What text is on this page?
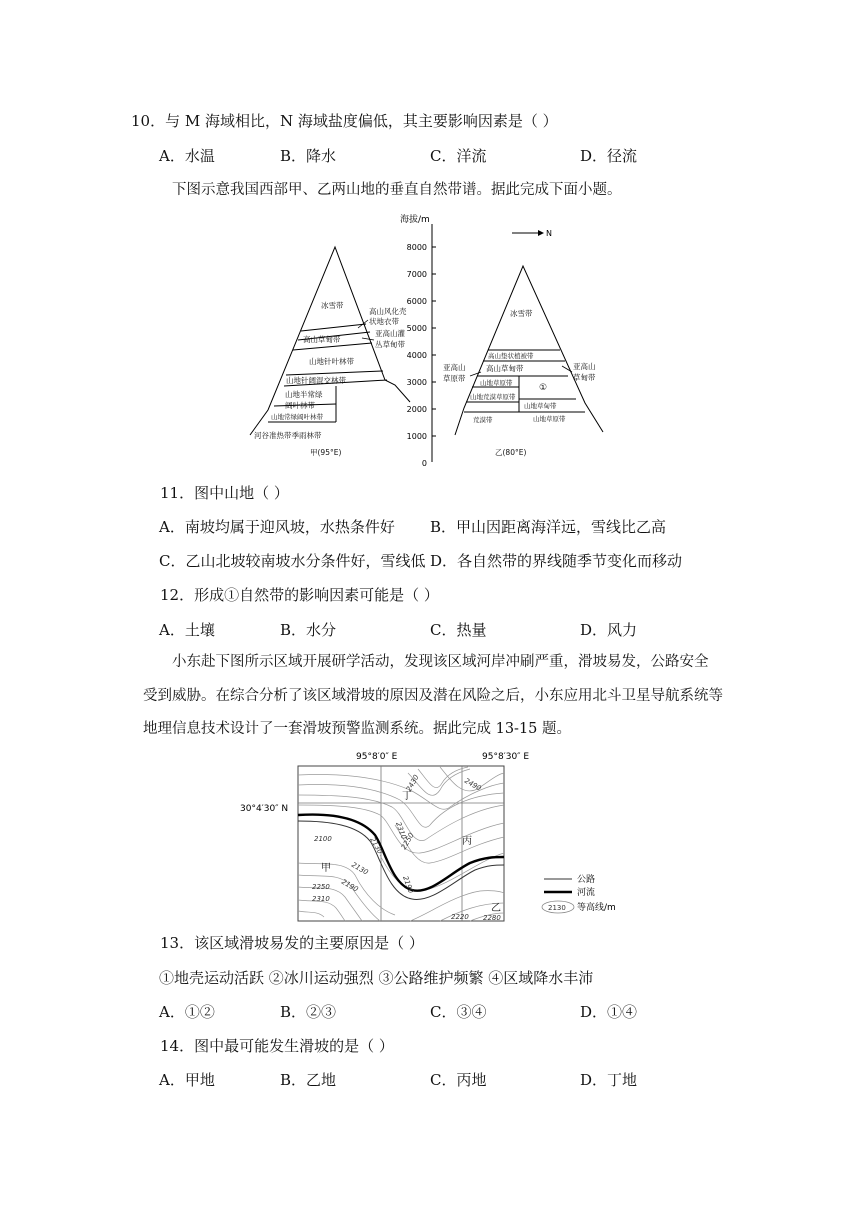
10．与 M 海域相比，N 海域盐度偏低，其主要影响因素是（ ）
A．水温	B．降水	C．洋流	D．径流
下图示意我国西部甲、乙两山地的垂直自然带谱。据此完成下面小题。
海拔/m
8000
7000
6000
5000
4000
3000
2000
1000
0
N
冰雪带
高山草甸带
山地针叶林带
山地针阔混交林带
山地半常绿
阔叶林带
山地常绿阔叶林带
河谷准热带季雨林带
高山风化壳
状地衣带
亚高山灌
丛草甸带
甲(95°E)
冰雪带
高山垫状植被带
高山草甸带
山地草原带	①
山地荒漠草原带
山地草甸带
荒漠带	山地草原带
亚高山
草原带
亚高山
草甸带
乙(80°E)
11．图中山地（ ）
A．南坡均属于迎风坡，水热条件好 B．甲山因距离海洋远，雪线比乙高
C．乙山北坡较南坡水分条件好，雪线低 D．各自然带的界线随季节变化而移动
12．形成①自然带的影响因素可能是（ ）
A．土壤	B．水分	C．热量	D．风力
小东赴下图所示区域开展研学活动，发现该区域河岸冲刷严重，滑坡易发，公路安全
受到威胁。在综合分析了该区域滑坡的原因及潜在风险之后，小东应用北斗卫星导航系统等
地理信息技术设计了一套滑坡预警监测系统。据此完成 13-15 题。
95°8′0″ E	95°8′30″ E
30°4′30″ N
2100
2130
2190
2250
2310
2190
2130 2250
2310
2430	2490
2220 2280
甲
乙
丙
丁
公路
河流
2130 等高线/m
13．该区域滑坡易发的主要原因是（ ）
①地壳运动活跃 ②冰川运动强烈 ③公路维护频繁 ④区域降水丰沛
A．①②	B．②③	C．③④	D．①④
14．图中最可能发生滑坡的是（ ）
A．甲地	B．乙地	C．丙地	D．丁地
